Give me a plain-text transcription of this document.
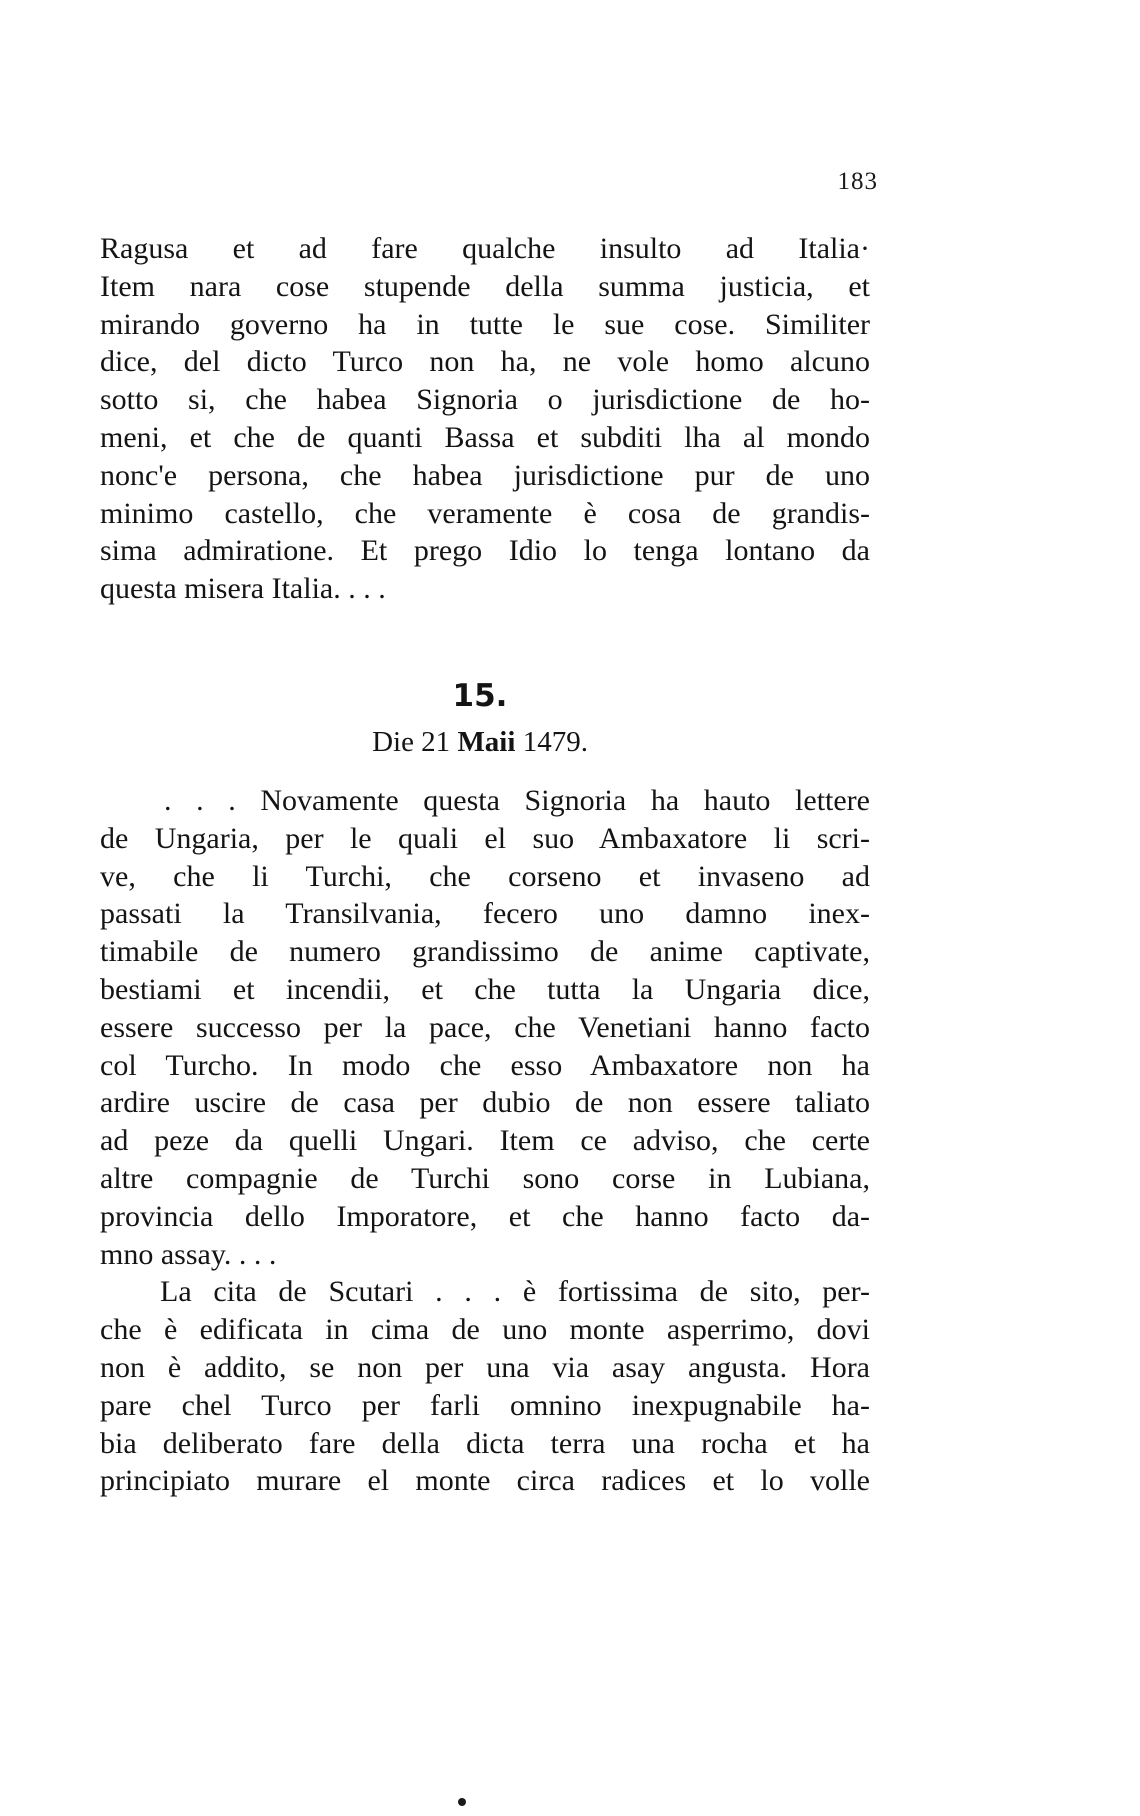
183
Ragusa et ad fare qualche insulto ad Italia·
Item nara cose stupende della summa justicia, et
mirando governo ha in tutte le sue cose. Similiter
dice, del dicto Turco non ha, ne vole homo alcuno
sotto si, che habea Signoria o jurisdictione de ho-
meni, et che de quanti Bassa et subditi lha al mondo
nonc'e persona, che habea jurisdictione pur de uno
minimo castello, che veramente è cosa de grandis-
sima admiratione. Et prego Idio lo tenga lontano da
questa misera Italia. . . .
15.
Die 21 Maii 1479.
. . . Novamente questa Signoria ha hauto lettere
de Ungaria, per le quali el suo Ambaxatore li scri-
ve, che li Turchi, che corseno et invaseno ad
passati la Transilvania, fecero uno damno inex-
timabile de numero grandissimo de anime captivate,
bestiami et incendii, et che tutta la Ungaria dice,
essere successo per la pace, che Venetiani hanno facto
col Turcho. In modo che esso Ambaxatore non ha
ardire uscire de casa per dubio de non essere taliato
ad peze da quelli Ungari. Item ce adviso, che certe
altre compagnie de Turchi sono corse in Lubiana,
provincia dello Imporatore, et che hanno facto da-
mno assay. . . .
La cita de Scutari . . . è fortissima de sito, per-
che è edificata in cima de uno monte asperrimo, dovi
non è addito, se non per una via asay angusta. Hora
pare chel Turco per farli omnino inexpugnabile ha-
bia deliberato fare della dicta terra una rocha et ha
principiato murare el monte circa radices et lo volle
